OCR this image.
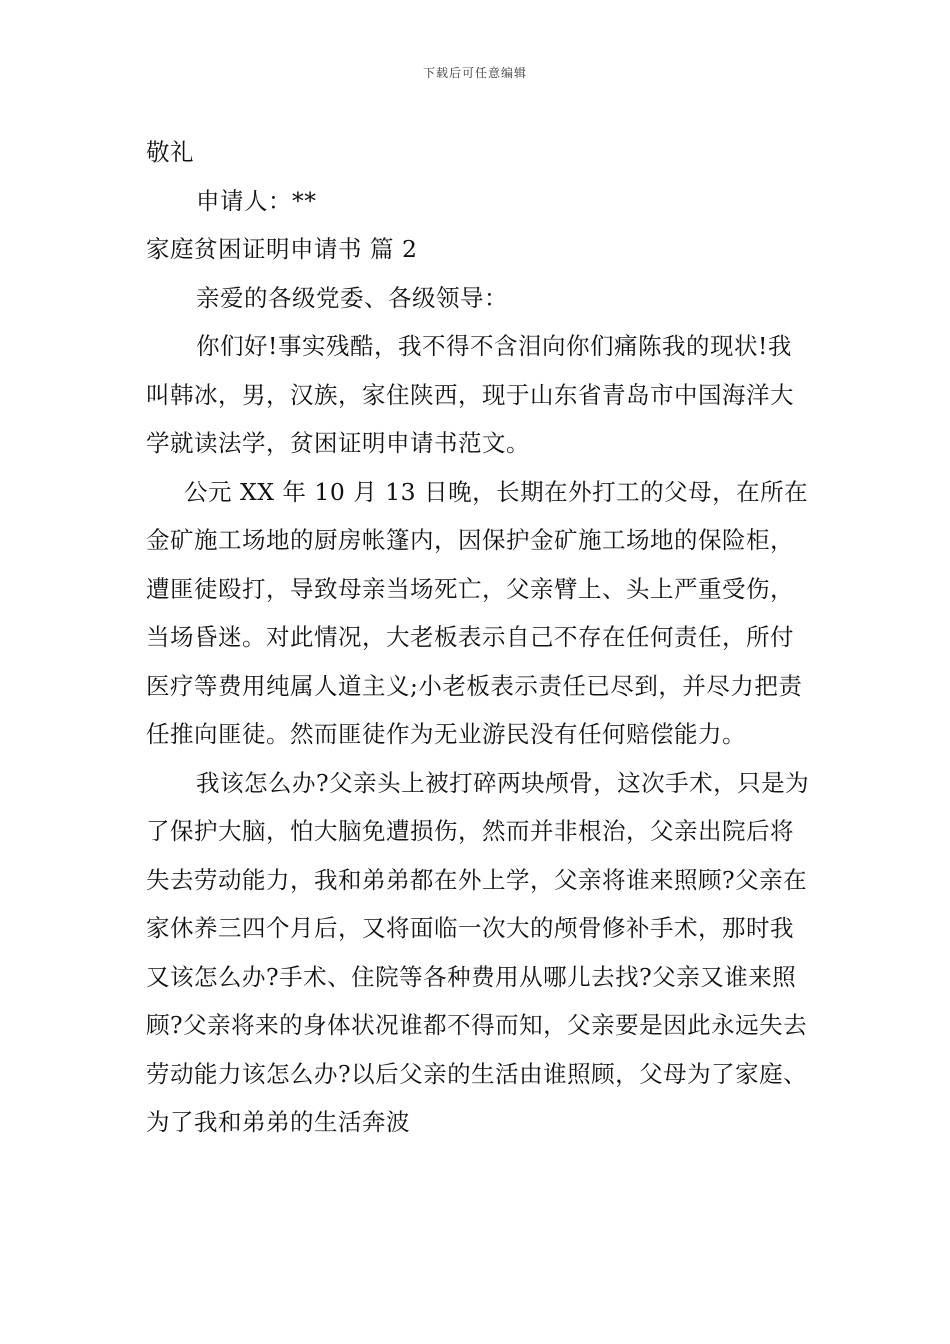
下载后可任意编辑

敬礼

申请人：**

家庭贫困证明申请书 篇 2

亲爱的各级党委、各级领导：

你们好!事实残酷，我不得不含泪向你们痛陈我的现状!我叫韩冰，男，汉族，家住陕西，现于山东省青岛市中国海洋大学就读法学，贫困证明申请书范文。

公元 XX 年 10 月 13 日晚，长期在外打工的父母，在所在金矿施工场地的厨房帐篷内，因保护金矿施工场地的保险柜，遭匪徒殴打，导致母亲当场死亡，父亲臂上、头上严重受伤，当场昏迷。对此情况，大老板表示自己不存在任何责任，所付医疗等费用纯属人道主义;小老板表示责任已尽到，并尽力把责任推向匪徒。然而匪徒作为无业游民没有任何赔偿能力。

我该怎么办?父亲头上被打碎两块颅骨，这次手术，只是为了保护大脑，怕大脑免遭损伤，然而并非根治，父亲出院后将失去劳动能力，我和弟弟都在外上学，父亲将谁来照顾?父亲在家休养三四个月后，又将面临一次大的颅骨修补手术，那时我又该怎么办?手术、住院等各种费用从哪儿去找?父亲又谁来照顾?父亲将来的身体状况谁都不得而知，父亲要是因此永远失去劳动能力该怎么办?以后父亲的生活由谁照顾，父母为了家庭、为了我和弟弟的生活奔波
